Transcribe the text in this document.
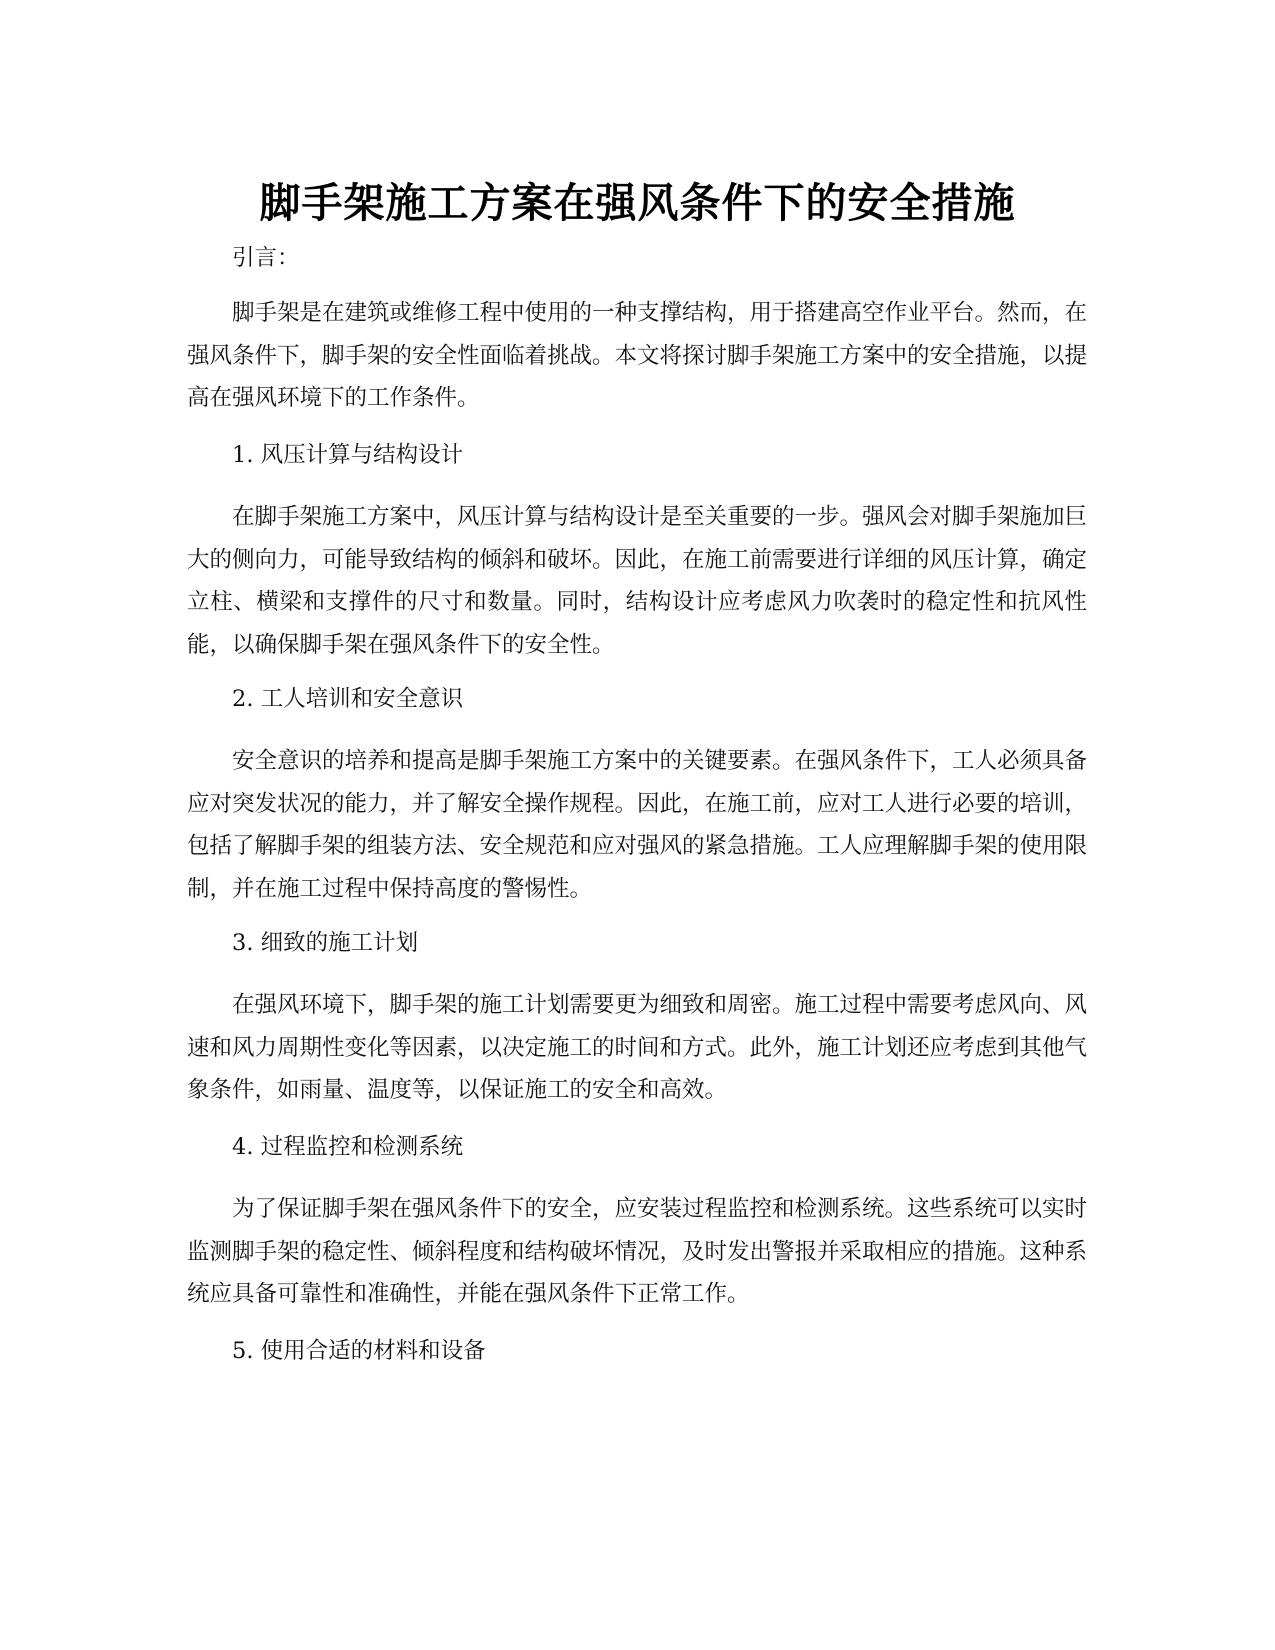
脚手架施工方案在强风条件下的安全措施

引言：

脚手架是在建筑或维修工程中使用的一种支撑结构，用于搭建高空作业平台。然而，在强风条件下，脚手架的安全性面临着挑战。本文将探讨脚手架施工方案中的安全措施，以提高在强风环境下的工作条件。

1. 风压计算与结构设计

在脚手架施工方案中，风压计算与结构设计是至关重要的一步。强风会对脚手架施加巨大的侧向力，可能导致结构的倾斜和破坏。因此，在施工前需要进行详细的风压计算，确定立柱、横梁和支撑件的尺寸和数量。同时，结构设计应考虑风力吹袭时的稳定性和抗风性能，以确保脚手架在强风条件下的安全性。

2. 工人培训和安全意识

安全意识的培养和提高是脚手架施工方案中的关键要素。在强风条件下，工人必须具备应对突发状况的能力，并了解安全操作规程。因此，在施工前，应对工人进行必要的培训，包括了解脚手架的组装方法、安全规范和应对强风的紧急措施。工人应理解脚手架的使用限制，并在施工过程中保持高度的警惕性。

3. 细致的施工计划

在强风环境下，脚手架的施工计划需要更为细致和周密。施工过程中需要考虑风向、风速和风力周期性变化等因素，以决定施工的时间和方式。此外，施工计划还应考虑到其他气象条件，如雨量、温度等，以保证施工的安全和高效。

4. 过程监控和检测系统

为了保证脚手架在强风条件下的安全，应安装过程监控和检测系统。这些系统可以实时监测脚手架的稳定性、倾斜程度和结构破坏情况，及时发出警报并采取相应的措施。这种系统应具备可靠性和准确性，并能在强风条件下正常工作。

5. 使用合适的材料和设备
